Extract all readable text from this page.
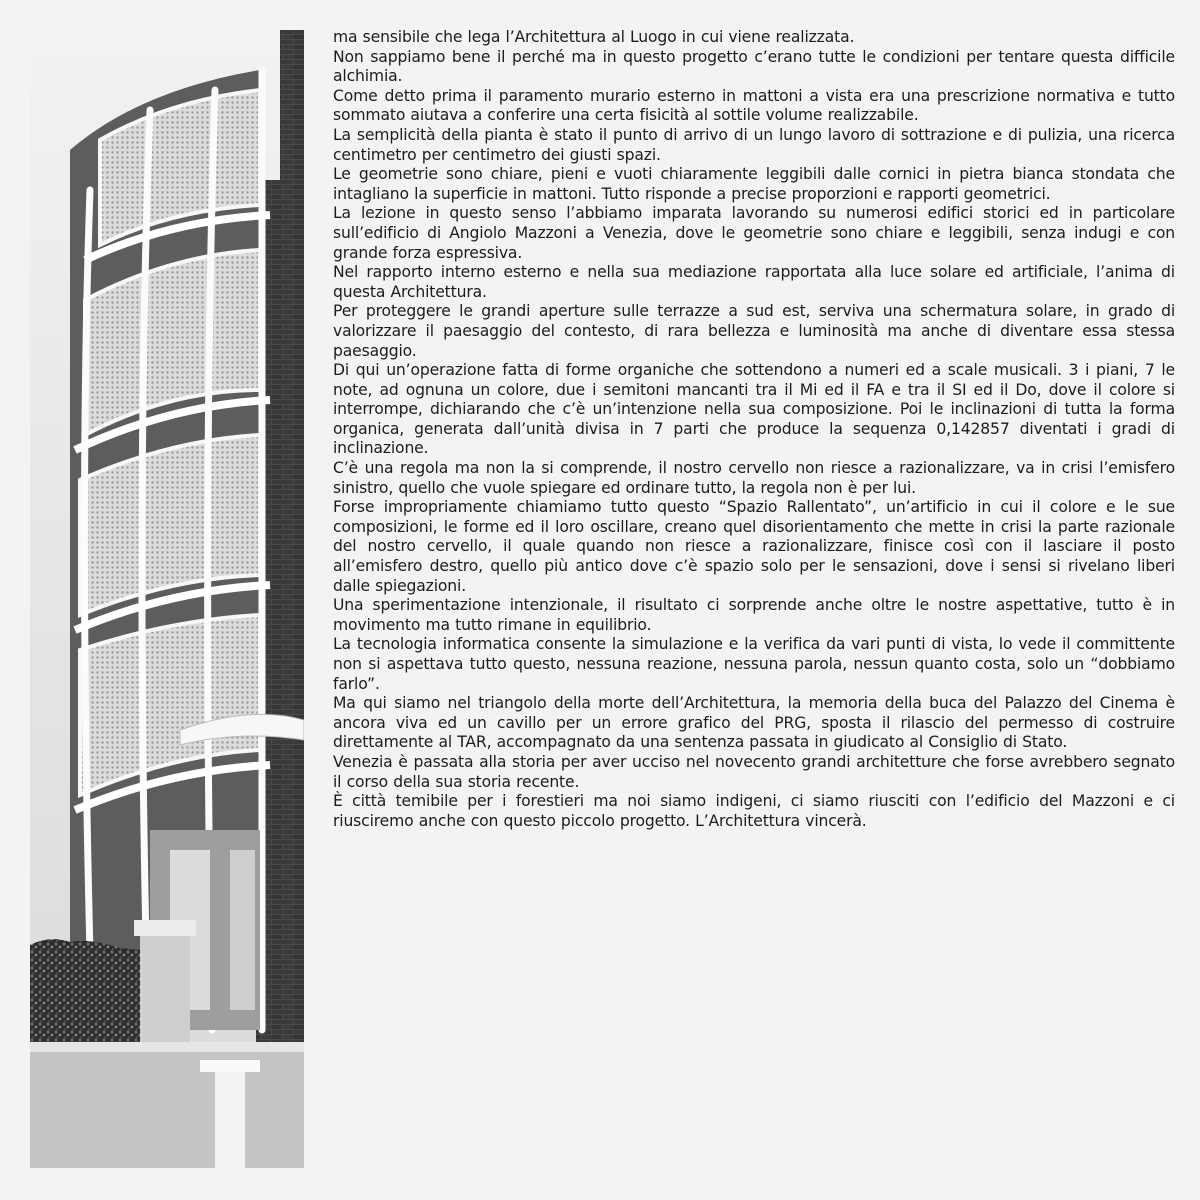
ma sensibile che lega l’Architettura al Luogo in cui viene realizzata.

Non sappiamo bene il perché ma in questo progetto c’erano tutte le condizioni per tentare questa difficile alchimia.

Come detto prima il paramento murario esterno in mattoni a vista era una prescrizione normativa e tutto sommato aiutava a conferire una certa fisicità al sottile volume realizzabile.

La semplicità della pianta è stato il punto di arrivo di un lungo lavoro di sottrazione e di pulizia, una ricerca centimetro per centimetro dei giusti spazi.

Le geometrie sono chiare, pieni e vuoti chiaramente leggibili dalle cornici in pietra bianca stondata che intagliano la superficie in mattoni. Tutto risponde a precise proporzioni e rapporti geometrici.

La lezione in questo senso l’abbiamo imparata lavorando su numerosi edifici storici ed in particolare sull’edificio di Angiolo Mazzoni a Venezia, dove le geometrie sono chiare e leggibili, senza indugi e con grande forza espressiva.

Nel rapporto interno esterno e nella sua mediazione rapportata alla luce solare ed artificiale, l’anima di questa Architettura.

Per proteggere le grandi aperture sulle terrazze a sud est, serviva una schermatura solare, in grado di valorizzare il paesaggio del contesto, di rara bellezza e luminosità ma anche di diventare essa stessa paesaggio.

Di qui un’operazione fatta di forme organiche che sottendono a numeri ed a scale musicali. 3 i piani, 7 le note, ad ognuna un colore, due i semitoni mancanti tra il Mi ed il FA e tra il SI ed il Do, dove il colore si interrompe, dichiarando che c’è un’intenzione nella sua composizione. Poi le inclinazioni di tutta la forma organica, generata dall’unità divisa in 7 parti che produce la sequenza 0,142857 diventati i gradi di inclinazione.

C’è una regola ma non la si comprende, il nostro cervello non riesce a razionalizzare, va in crisi l’emisfero sinistro, quello che vuole spiegare ed ordinare tutto, la regola non è per lui.

Forse impropriamente chiamiamo tutto questo “Spazio Rallentato”, un’artificio in cui il colore e le sue composizioni, le forme ed il loro oscillare, creano quel disorientamento che mette in crisi la parte razionale del nostro cervello, il quale quando non riesce a razionalizzare, finisce così con il lasciare il posto all’emisfero destro, quello più antico dove c’è spazio solo per le sensazioni, dove i sensi si rivelano liberi dalle spiegazioni.

Una sperimentazione intenzionale, il risultato ci sorprende anche oltre le nostre aspettative, tutto è in movimento ma tutto rimane in equilibrio.

La tecnologia informatica consente la simulazione e la verifica da vari punti di vista, lo vede il committente non si aspettava tutto questo, nessuna reazione, nessuna parola, nessun quanto costa, solo un “dobbiamo farlo”.

Ma qui siamo nel triangolo della morte dell’Architettura, la memoria della buca del Palazzo del Cinema è ancora viva ed un cavillo per un errore grafico del PRG, sposta il rilascio del permesso di costruire direttamente al TAR, accompagnato da una sentenza passata in giudicato al Consiglio di Stato.

Venezia è passata alla storia per aver ucciso nel novecento grandi architetture che forse avrebbero segnato il corso della sua storia recente.

È città temibile per i forestieri ma noi siamo indigeni, ci siamo riusciti con l’edificio del Mazzoni e ci riusciremo anche con questo piccolo progetto. L’Architettura vincerà.
